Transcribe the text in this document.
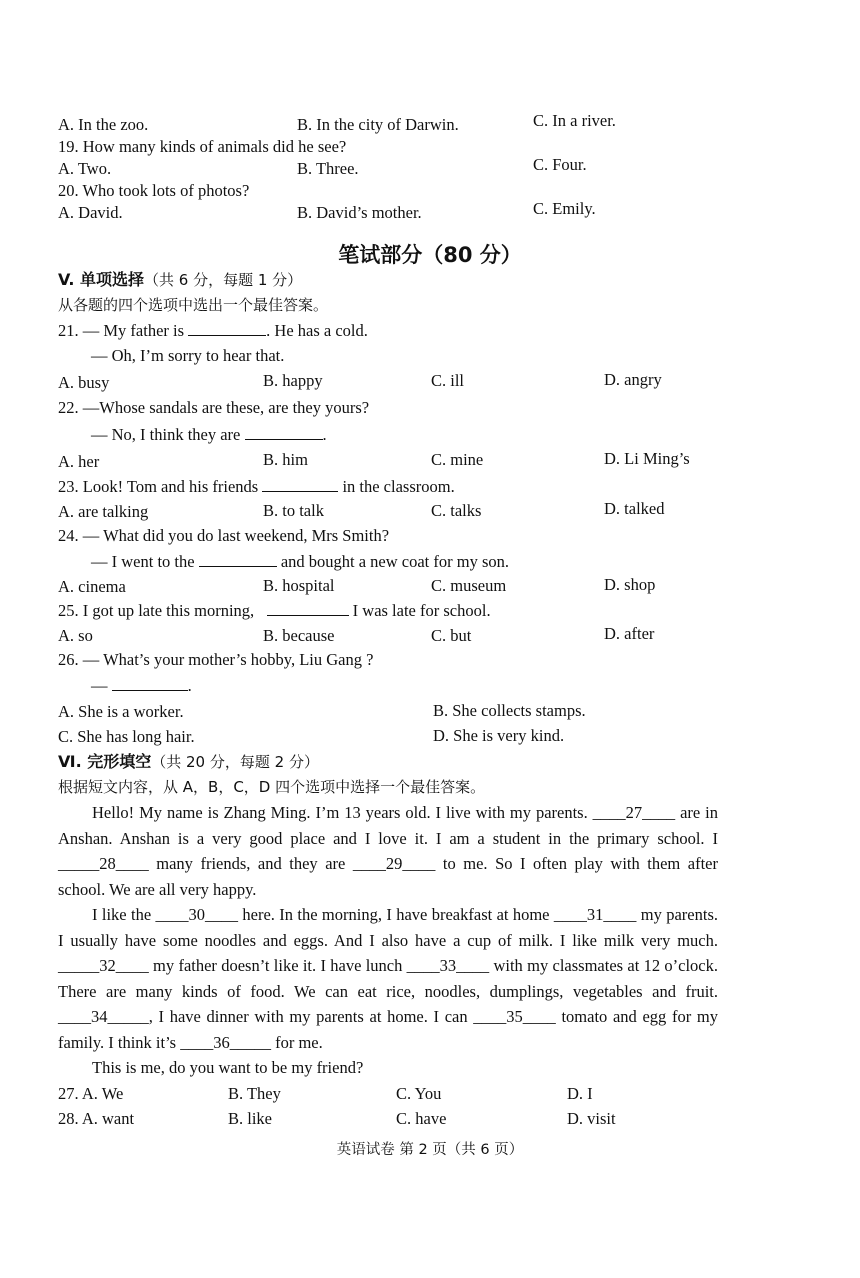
A. In the zoo.	B. In the city of Darwin.	C. In a river.
19. How many kinds of animals did he see?
A. Two.	B. Three.	C. Four.
20. Who took lots of photos?
A. David.	B. David’s mother.	C. Emily.
笔试部分（80 分）
V. 单项选择（共 6 分，每题 1 分）
从各题的四个选项中选出一个最佳答案。
21. — My father is	. He has a cold.
— Oh, I’m sorry to hear that.
A. busy	B. happy	C. ill	D. angry
22. —Whose sandals are these, are they yours?
— No, I think they are	.
A. her	B. him	C. mine	D. Li Ming’s
23. Look! Tom and his friends	in the classroom.
A. are talking	B. to talk	C. talks	D. talked
24. — What did you do last weekend, Mrs Smith?
— I went to the	and bought a new coat for my son.
A. cinema	B. hospital	C. museum	D. shop
25. I got up late this morning,	I was late for school.
A. so	B. because	C. but	D. after
26. — What’s your mother’s hobby, Liu Gang ?
—	.
A. She is a worker.	B. She collects stamps.
C. She has long hair.	D. She is very kind.
Ⅵ. 完形填空（共 20 分，每题 2 分）
根据短文内容，从 A，B，C，D 四个选项中选择一个最佳答案。

Hello! My name is Zhang Ming. I’m 13 years old. I live with my parents. ____27____ are in Anshan. Anshan is a very good place and I love it. I am a student in the primary school. I _____28____ many friends, and they are ____29____ to me. So I often play with them after school. We are all very happy.

I like the ____30____ here. In the morning, I have breakfast at home ____31____ my parents. I usually have some noodles and eggs. And I also have a cup of milk. I like milk very much. _____32____ my father doesn’t like it. I have lunch ____33____ with my classmates at 12 o’clock. There are many kinds of food. We can eat rice, noodles, dumplings, vegetables and fruit. ____34_____, I have dinner with my parents at home. I can ____35____ tomato and egg for my family. I think it’s ____36_____ for me.

This is me, do you want to be my friend?

27. A. We	B. They	C. You	D. I
28. A. want	B. like	C. have	D. visit
英语试卷 第 2 页（共 6 页）
